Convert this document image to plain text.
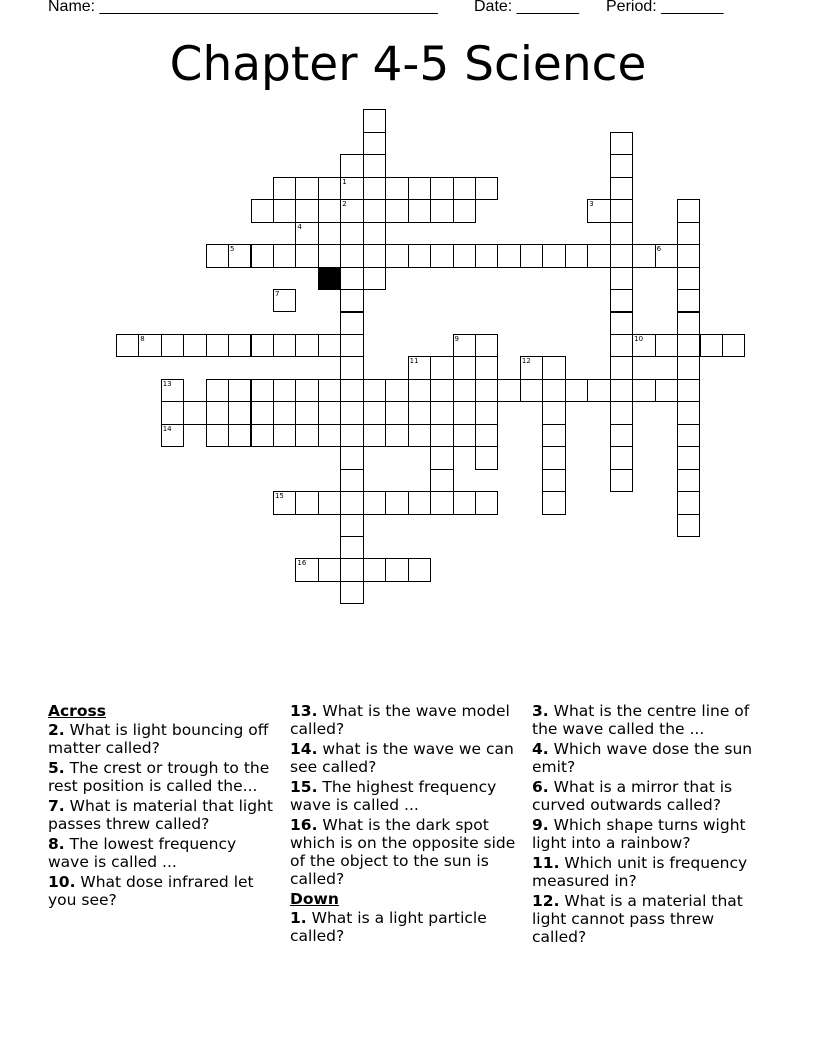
Name: ______________________________________ Date: _______ Period: _______
Chapter 4-5 Science
5	6
1
8
2
16
3
4
7
9	10
11	12
13
14
15
Across
2. What is light bouncing off matter called?
5. The crest or trough to the rest position is called the...
7. What is material that light passes threw called?
8. The lowest frequency wave is called ...
10. What dose infrared let you see?
13. What is the wave model called?
14. what is the wave we can see called?
15. The highest frequency wave is called ...
16. What is the dark spot which is on the opposite side of the object to the sun is called?
Down
1. What is a light particle called?
3. What is the centre line of the wave called the ...
4. Which wave dose the sun emit?
6. What is a mirror that is curved outwards called?
9. Which shape turns wight light into a rainbow?
11. Which unit is frequency measured in?
12. What is a material that light cannot pass threw called?
